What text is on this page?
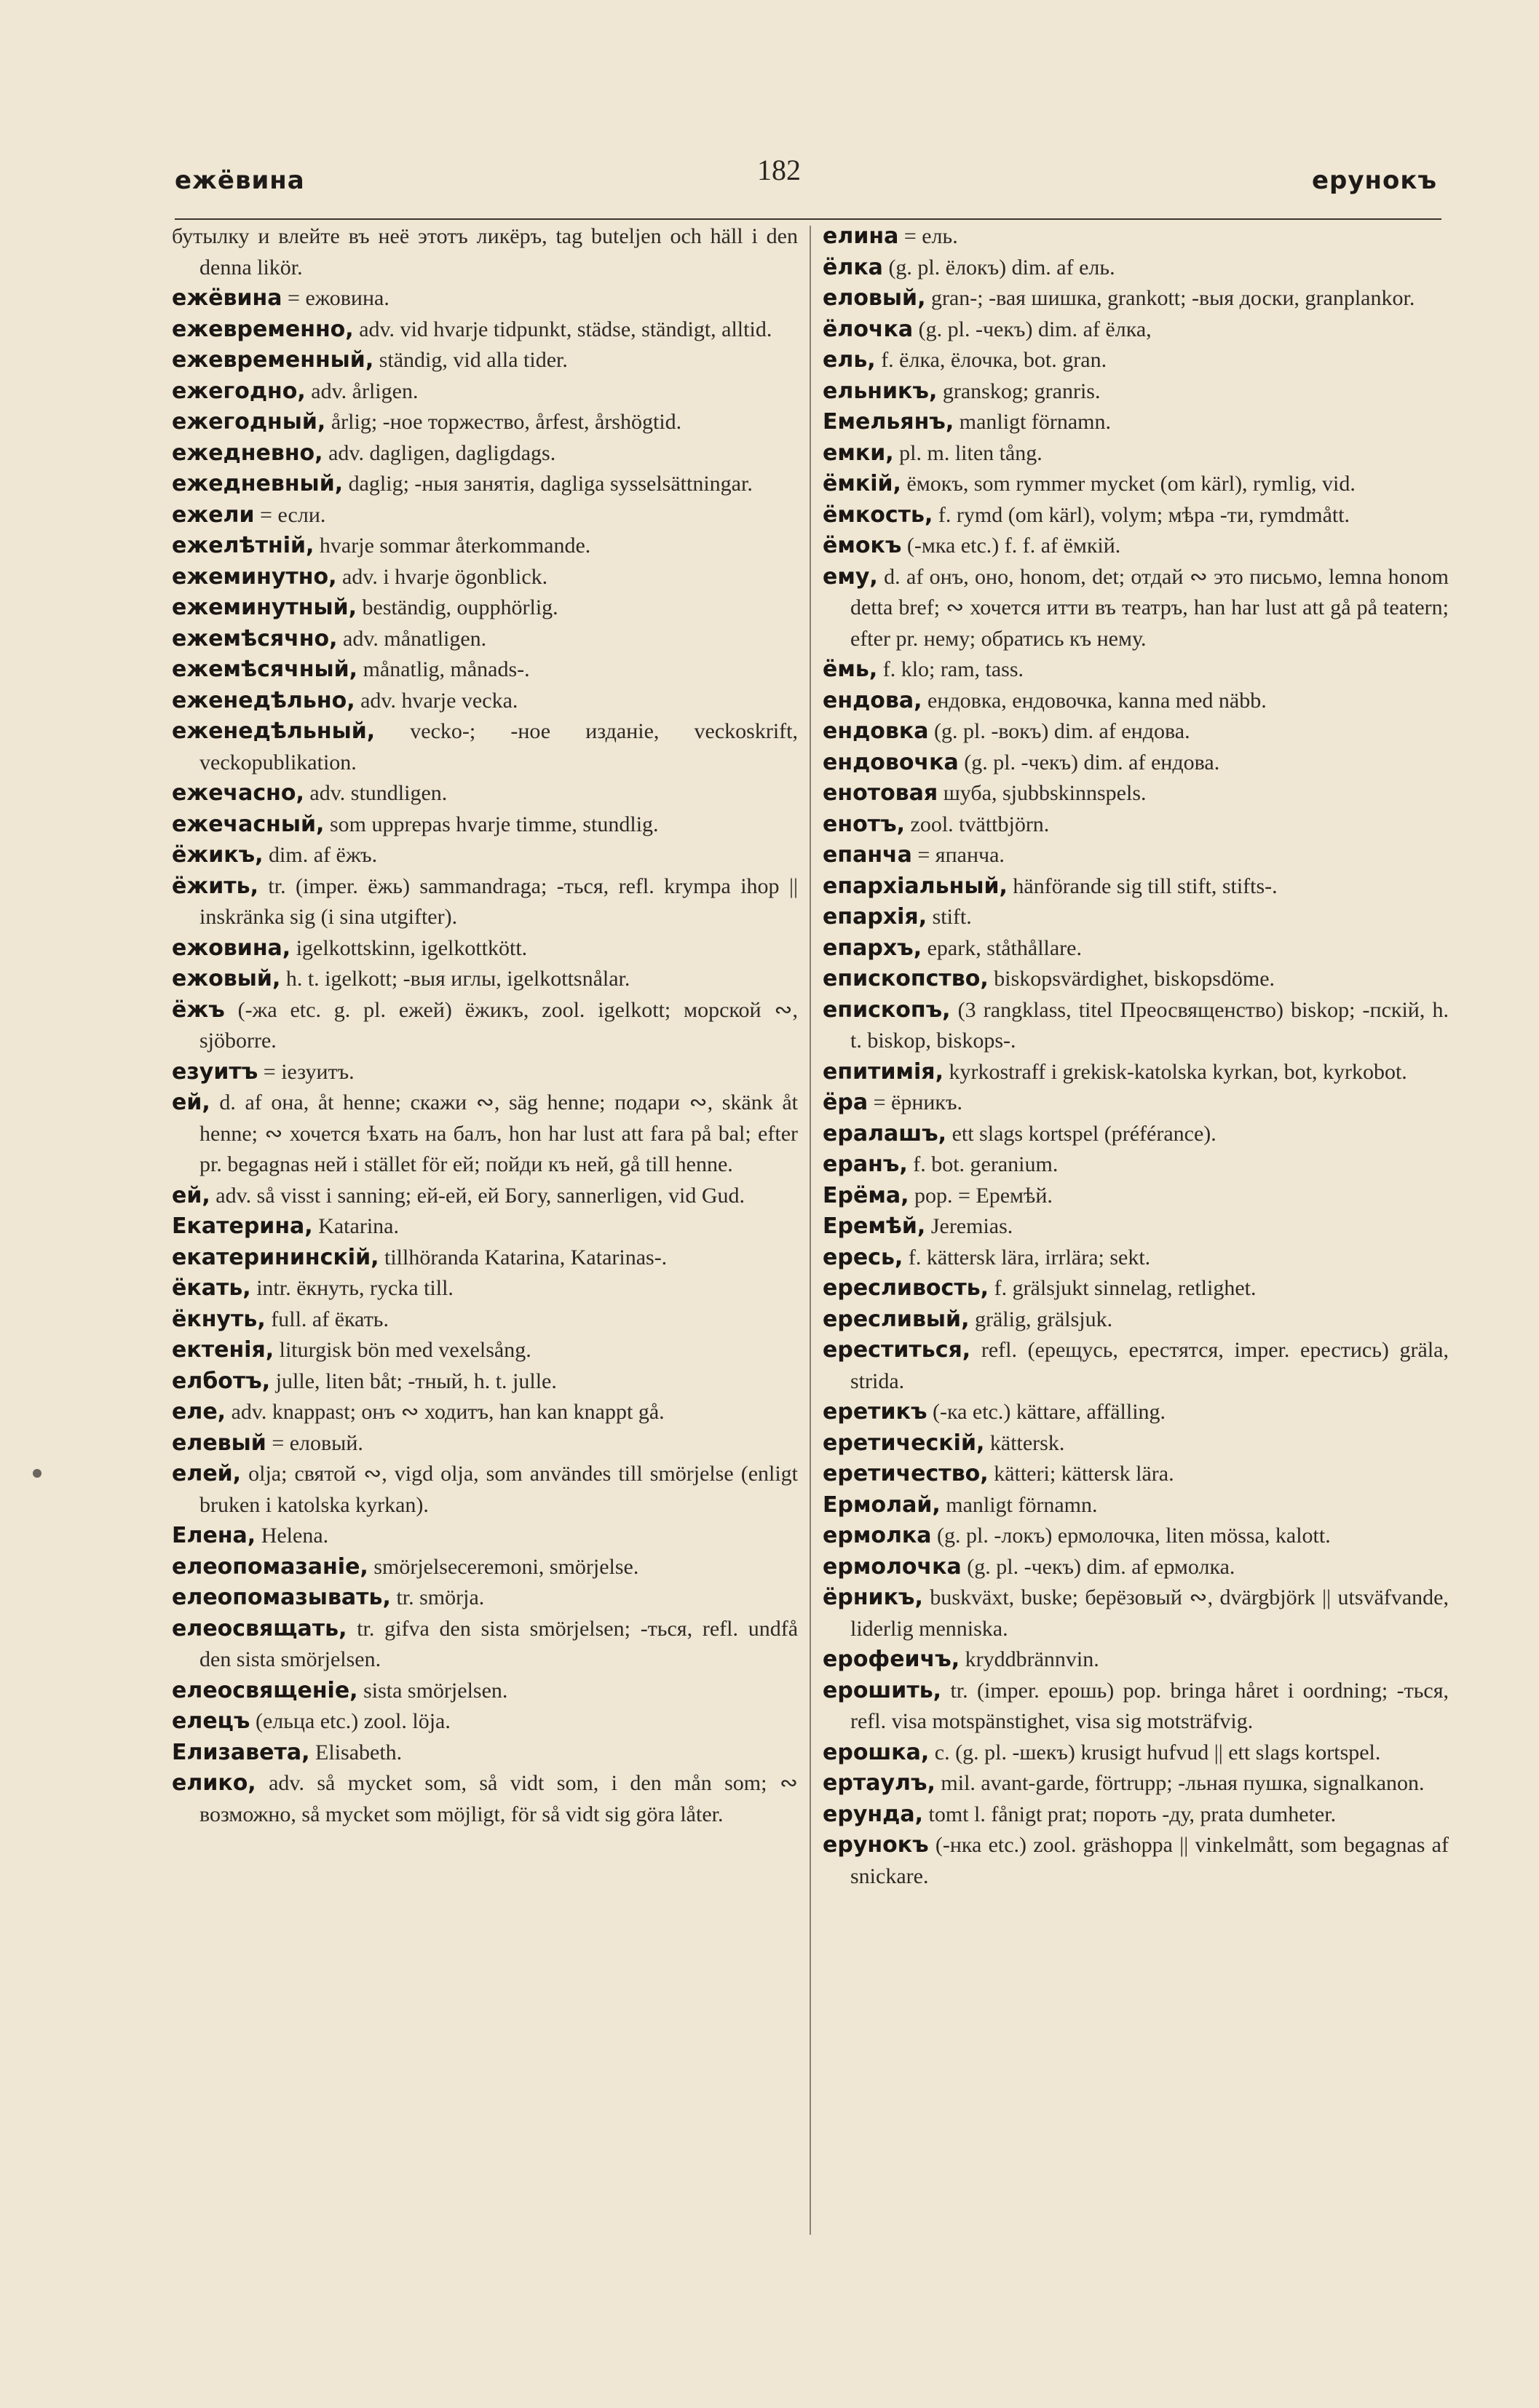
ежёвина	182	ерунокъ
бутылку и влейте въ неё этотъ ликёръ, tag buteljen och häll i den denna likör.
ежёвина = ежовина.
ежевременно, adv. vid hvarje tidpunkt, städse, ständigt, alltid.
ежевременный, ständig, vid alla tider.
ежегодно, adv. årligen.
ежегодный, årlig; -ное торжество, årfest, årshögtid.
ежедневно, adv. dagligen, dagligdags.
ежедневный, daglig; -ныя занятія, dagliga sysselsättningar.
ежели = если.
ежелѣтній, hvarje sommar återkommande.
ежеминутно, adv. i hvarje ögonblick.
ежеминутный, beständig, oupphörlig.
ежемѣсячно, adv. månatligen.
ежемѣсячный, månatlig, månads-.
еженедѣльно, adv. hvarje vecka.
еженедѣльный, vecko-; -ное изданіе, veckoskrift, veckopublikation.
ежечасно, adv. stundligen.
ежечасный, som upprepas hvarje timme, stundlig.
ёжикъ, dim. af ёжъ.
ёжить, tr. (imper. ёжь) sammandraga; -ться, refl. krympa ihop || inskränka sig (i sina utgifter).
ежовина, igelkottskinn, igelkottkött.
ежовый, h. t. igelkott; -выя иглы, igelkottsnålar.
ёжъ (-жа etc. g. pl. ежей) ёжикъ, zool. igelkott; морской ∾, sjöborre.
езуитъ = іезуитъ.
ей, d. af она, åt henne; скажи ∾, säg henne; подари ∾, skänk åt henne; ∾ хочется ѣхать на балъ, hon har lust att fara på bal; efter pr. begagnas ней i stället för ей; пойди къ ней, gå till henne.
ей, adv. så visst i sanning; ей-ей, ей Богу, sannerligen, vid Gud.
Екатерина, Katarina.
екатерининскій, tillhöranda Katarina, Katarinas-.
ёкать, intr. ёкнуть, rycka till.
ёкнуть, full. af ёкать.
ектенія, liturgisk bön med vexelsång.
елботъ, julle, liten båt; -тный, h. t. julle.
еле, adv. knappast; онъ ∾ ходитъ, han kan knappt gå.
елевый = еловый.
елей, olja; святой ∾, vigd olja, som användes till smörjelse (enligt bruken i katolska kyrkan).
Елена, Helena.
елеопомазаніе, smörjelseceremoni, smörjelse.
елеопомазывать, tr. smörja.
елеосвящать, tr. gifva den sista smörjelsen; -ться, refl. undfå den sista smörjelsen.
елеосвященіе, sista smörjelsen.
елецъ (ельца etc.) zool. löja.
Елизавета, Elisabeth.
елико, adv. så mycket som, så vidt som, i den mån som; ∾ возможно, så mycket som möjligt, för så vidt sig göra låter.
елина = ель.
ёлка (g. pl. ёлокъ) dim. af ель.
еловый, gran-; -вая шишка, grankott; -выя доски, granplankor.
ёлочка (g. pl. -чекъ) dim. af ёлка,
ель, f. ёлка, ёлочка, bot. gran.
ельникъ, granskog; granris.
Емельянъ, manligt förnamn.
емки, pl. m. liten tång.
ёмкій, ёмокъ, som rymmer mycket (om kärl), rymlig, vid.
ёмкость, f. rymd (om kärl), volym; мѣра -ти, rymdmått.
ёмокъ (-мка etc.) f. f. af ёмкій.
ему, d. af онъ, оно, honom, det; отдай ∾ это письмо, lemna honom detta bref; ∾ хочется итти въ театръ, han har lust att gå på teatern; efter pr. нему; обратись къ нему.
ёмь, f. klo; ram, tass.
ендова, ендовка, ендовочка, kanna med näbb.
ендовка (g. pl. -вокъ) dim. af ендова.
ендовочка (g. pl. -чекъ) dim. af ендова.
енотовая шуба, sjubbskinnspels.
енотъ, zool. tvättbjörn.
епанча = япанча.
епархіальный, hänförande sig till stift, stifts-.
епархія, stift.
епархъ, epark, ståthållare.
епископство, biskopsvärdighet, biskopsdöme.
епископъ, (3 rangklass, titel Преосвященство) biskop; -пскій, h. t. biskop, biskops-.
епитимія, kyrkostraff i grekisk-katolska kyrkan, bot, kyrkobot.
ёра = ёрникъ.
ералашъ, ett slags kortspel (préférance).
еранъ, f. bot. geranium.
Ерёма, pop. = Еремѣй.
Еремѣй, Jeremias.
ересь, f. kättersk lära, irrlära; sekt.
ересливость, f. grälsjukt sinnelag, retlighet.
ересливый, grälig, grälsjuk.
ереститься, refl. (ерещусь, ерестятся, imper. ерестись) gräla, strida.
еретикъ (-ка etc.) kättare, affälling.
еретическій, kättersk.
еретичество, kätteri; kättersk lära.
Ермолай, manligt förnamn.
ермолка (g. pl. -локъ) ермолочка, liten mössa, kalott.
ермолочка (g. pl. -чекъ) dim. af ермолка.
ёрникъ, buskväxt, buske; берёзовый ∾, dvärgbjörk || utsväfvande, liderlig menniska.
ерофеичъ, kryddbrännvin.
ерошить, tr. (imper. ерошь) pop. bringa håret i oordning; -ться, refl. visa motspänstighet, visa sig motsträfvig.
ерошка, c. (g. pl. -шекъ) krusigt hufvud || ett slags kortspel.
ертаулъ, mil. avant-garde, förtrupp; -льная пушка, signalkanon.
ерунда, tomt l. fånigt prat; пороть -ду, prata dumheter.
ерунокъ (-нка etc.) zool. gräshoppa || vinkelmått, som begagnas af snickare.
